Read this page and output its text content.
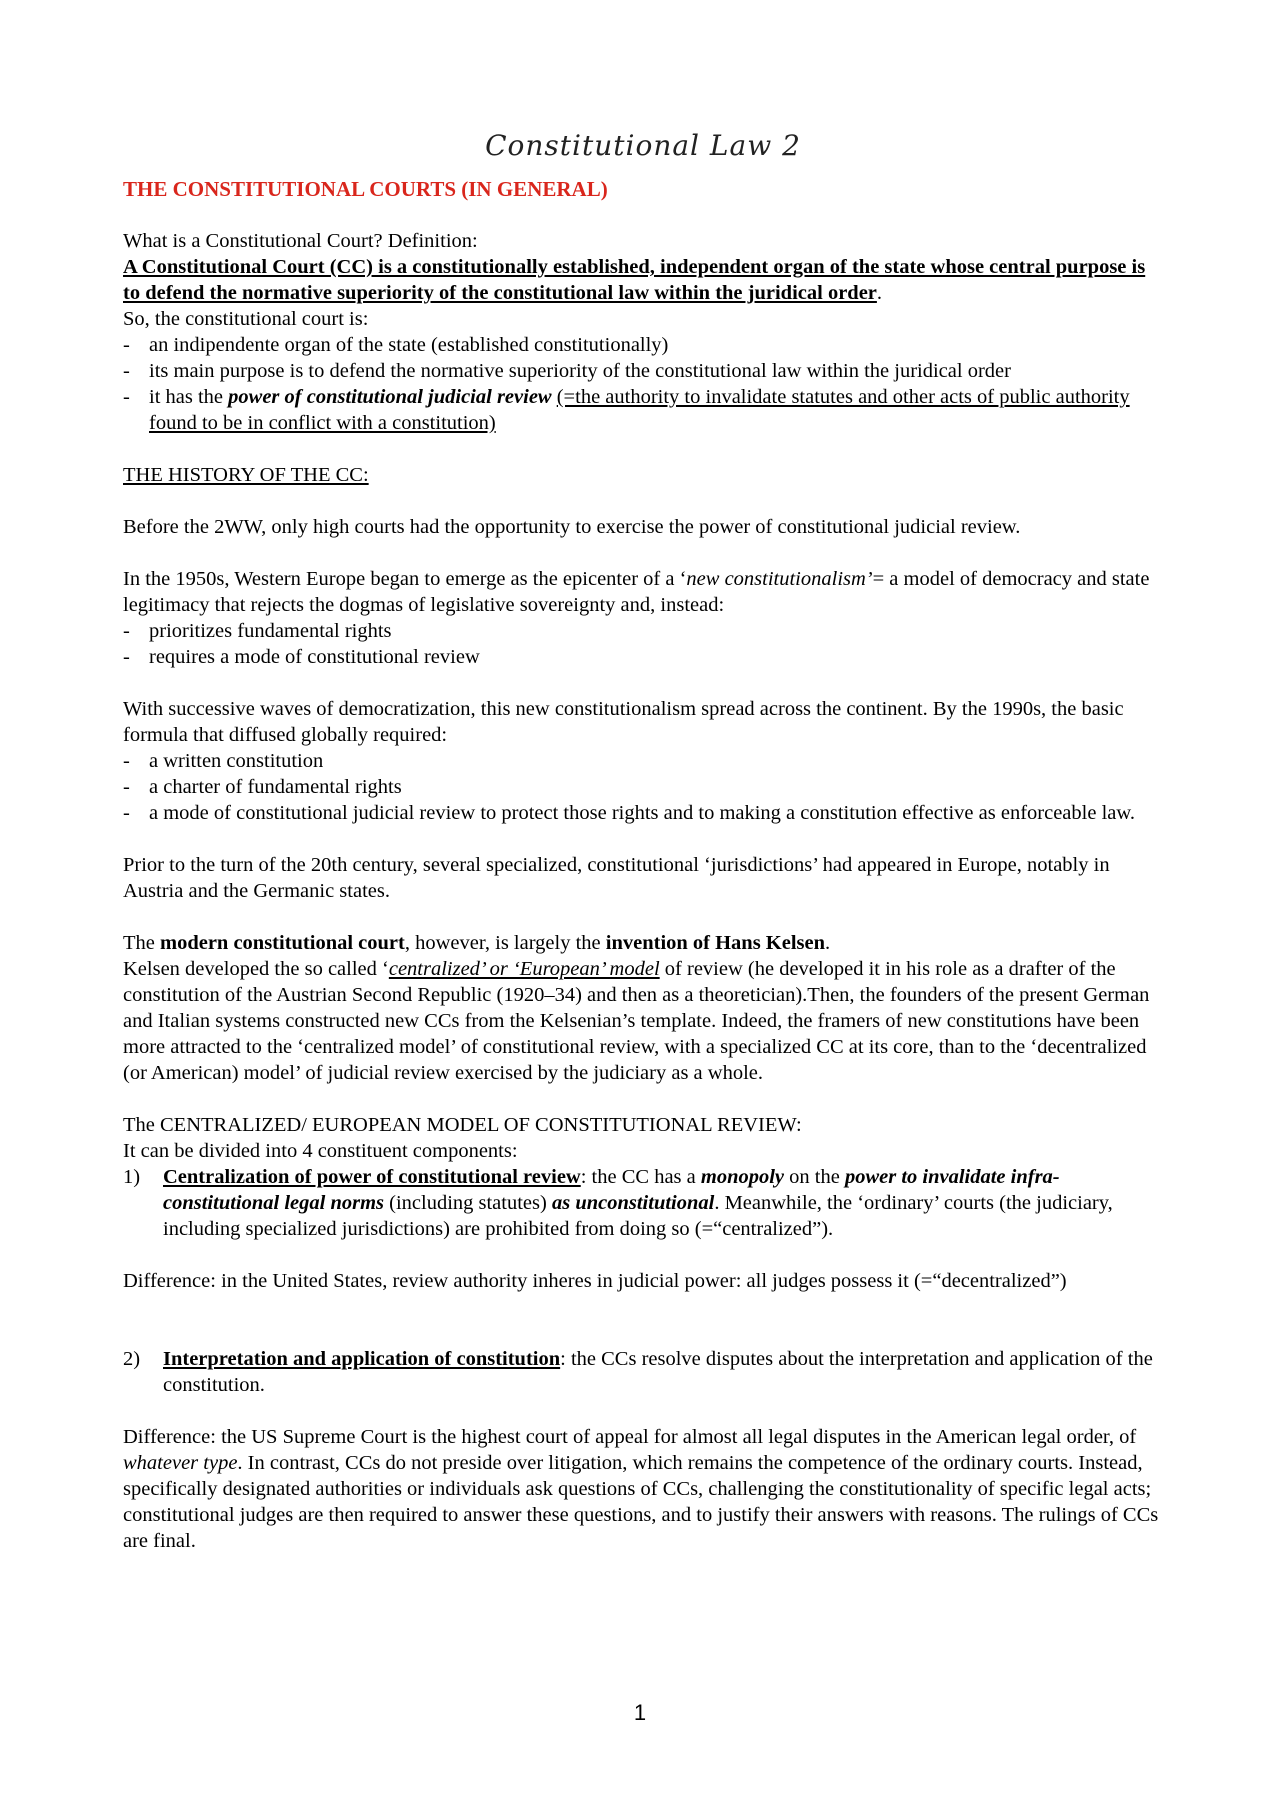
Constitutional Law 2
THE CONSTITUTIONAL COURTS (IN GENERAL)

What is a Constitutional Court? Definition:

A Constitutional Court (CC) is a constitutionally established, independent organ of the state whose central purpose is to defend the normative superiority of the constitutional law within the juridical order.

So, the constitutional court is:

- an indipendente organ of the state (established constitutionally)
- its main purpose is to defend the normative superiority of the constitutional law within the juridical order
- it has the power of constitutional judicial review (=the authority to invalidate statutes and other acts of public authority found to be in conflict with a constitution)

THE HISTORY OF THE CC:

Before the 2WW, only high courts had the opportunity to exercise the power of constitutional judicial review.

In the 1950s, Western Europe began to emerge as the epicenter of a ‘new constitutionalism’= a model of democracy and state legitimacy that rejects the dogmas of legislative sovereignty and, instead:

- prioritizes fundamental rights
- requires a mode of constitutional review

With successive waves of democratization, this new constitutionalism spread across the continent. By the 1990s, the basic formula that diffused globally required:

- a written constitution
- a charter of fundamental rights
- a mode of constitutional judicial review to protect those rights and to making a constitution effective as enforceable law.

Prior to the turn of the 20th century, several specialized, constitutional ‘jurisdictions’ had appeared in Europe, notably in Austria and the Germanic states.

The modern constitutional court, however, is largely the invention of Hans Kelsen.

Kelsen developed the so called ‘centralized’ or ‘European’ model of review (he developed it in his role as a drafter of the constitution of the Austrian Second Republic (1920–34) and then as a theoretician).Then, the founders of the present German and Italian systems constructed new CCs from the Kelsenian’s template. Indeed, the framers of new constitutions have been more attracted to the ‘centralized model’ of constitutional review, with a specialized CC at its core, than to the ‘decentralized (or American) model’ of judicial review exercised by the judiciary as a whole.

The CENTRALIZED/ EUROPEAN MODEL OF CONSTITUTIONAL REVIEW:

It can be divided into 4 constituent components:

1) Centralization of power of constitutional review: the CC has a monopoly on the power to invalidate infra-constitutional legal norms (including statutes) as unconstitutional. Meanwhile, the ‘ordinary’ courts (the judiciary, including specialized jurisdictions) are prohibited from doing so (=“centralized”).

Difference: in the United States, review authority inheres in judicial power: all judges possess it (=“decentralized”)

2) Interpretation and application of constitution: the CCs resolve disputes about the interpretation and application of the constitution.

Difference: the US Supreme Court is the highest court of appeal for almost all legal disputes in the American legal order, of whatever type. In contrast, CCs do not preside over litigation, which remains the competence of the ordinary courts. Instead, specifically designated authorities or individuals ask questions of CCs, challenging the constitutionality of specific legal acts; constitutional judges are then required to answer these questions, and to justify their answers with reasons. The rulings of CCs are final.

1
